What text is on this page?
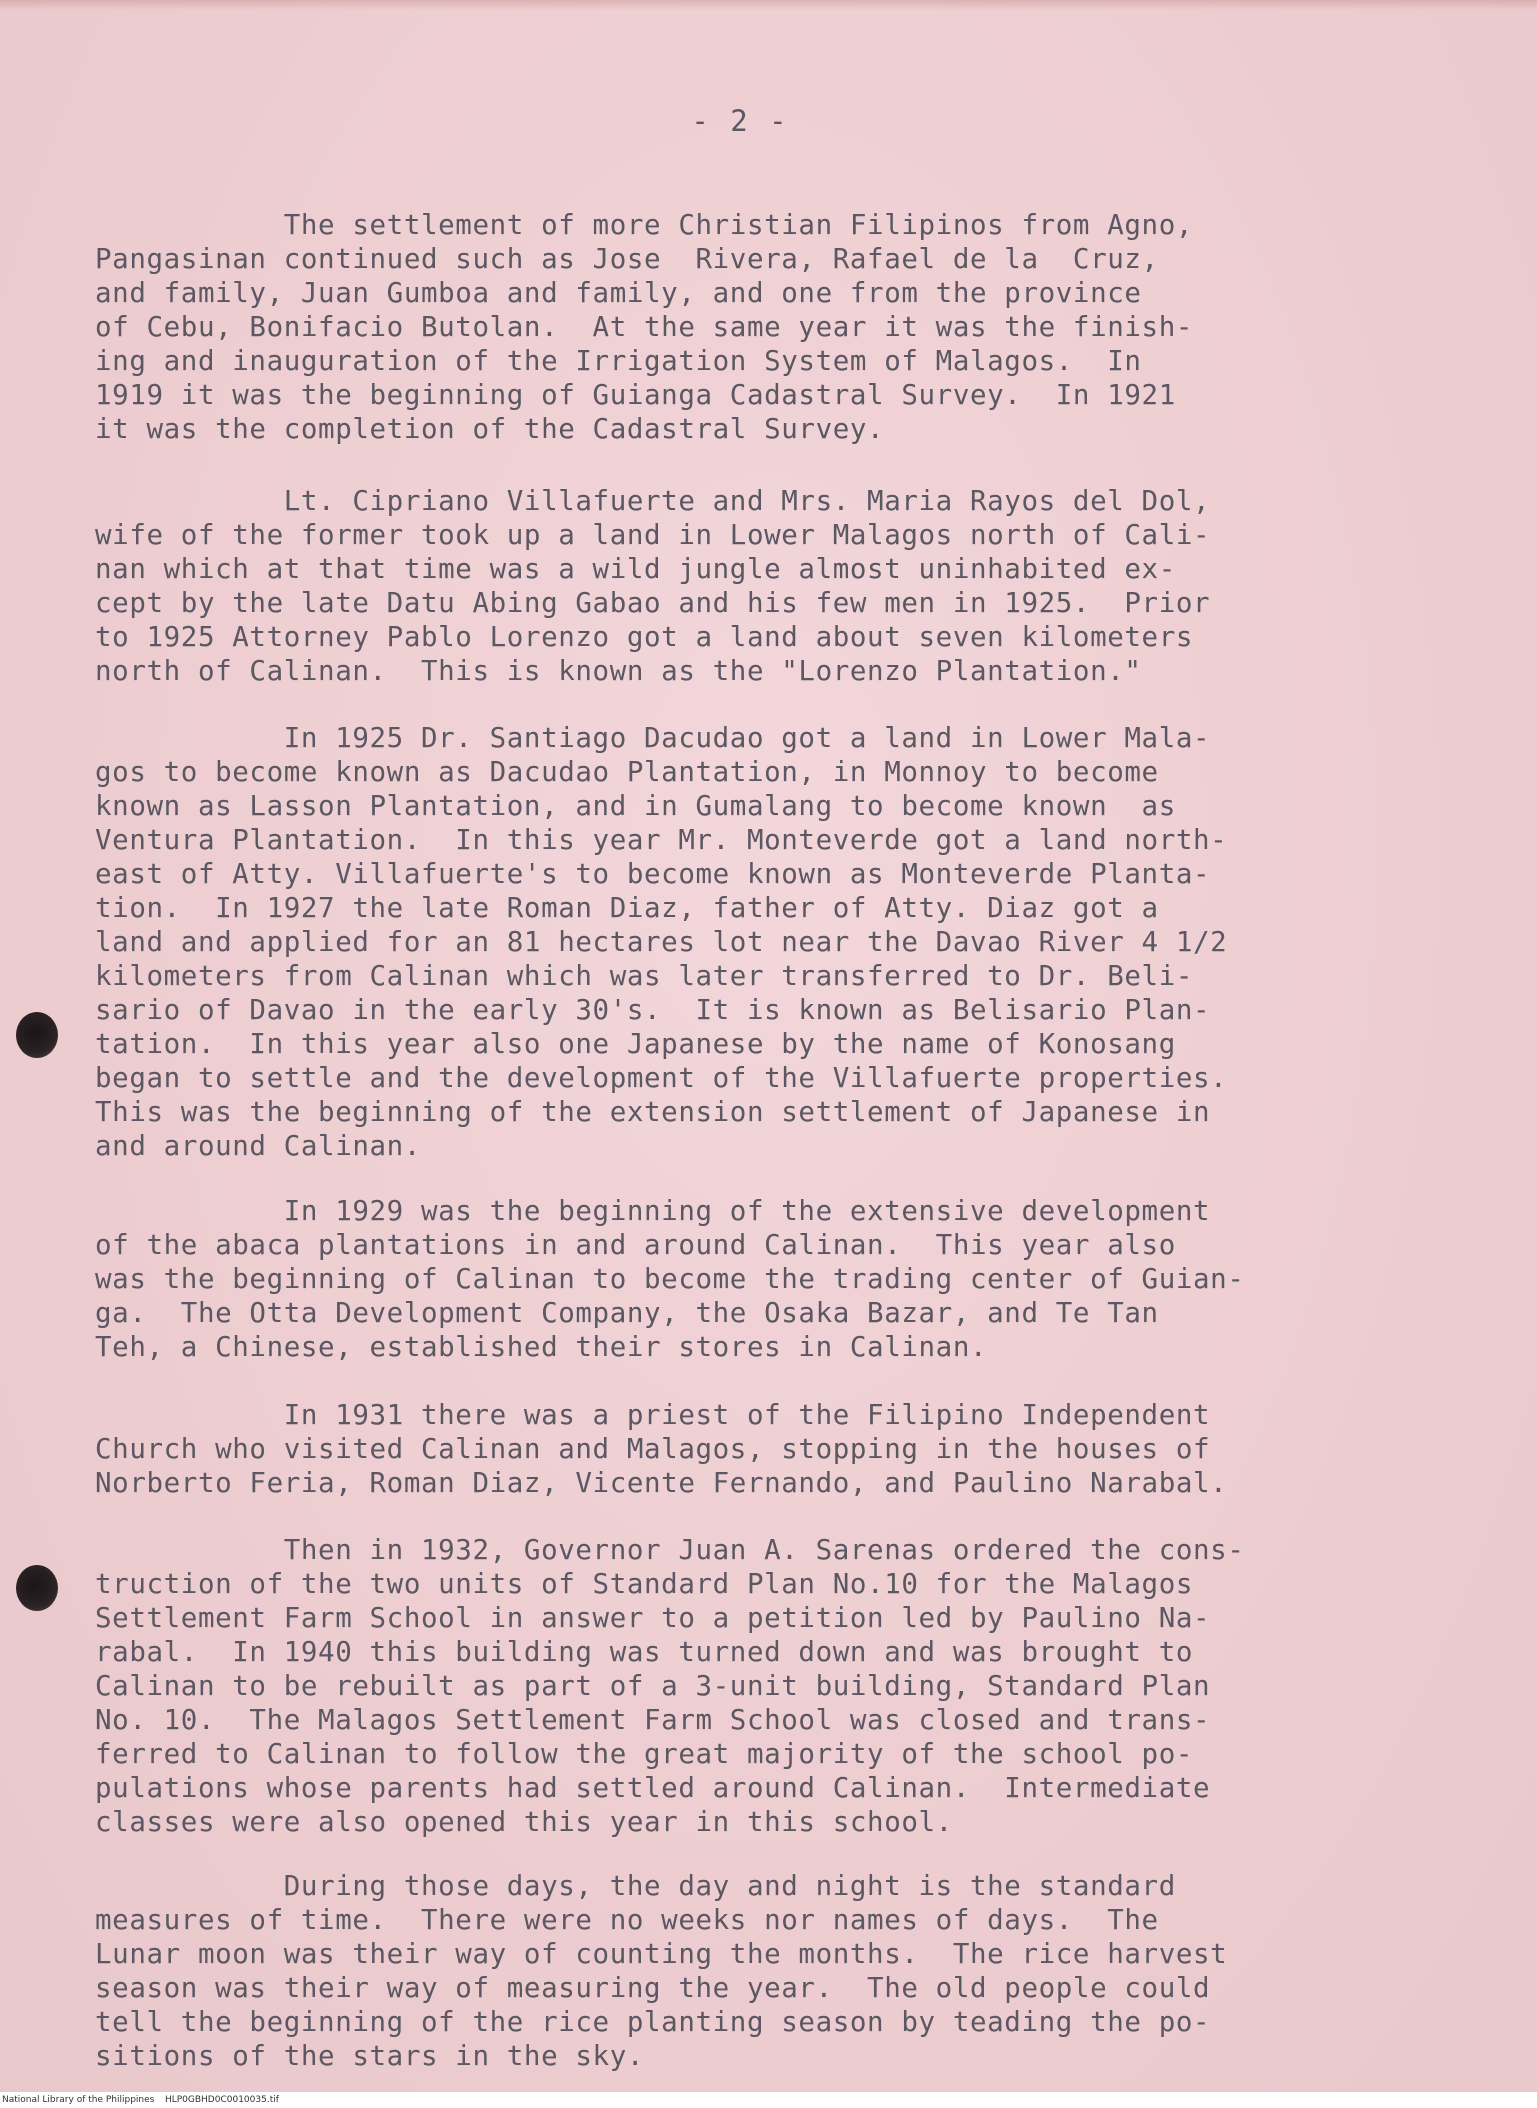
- 2 -
The settlement of more Christian Filipinos from Agno,
Pangasinan continued such as Jose  Rivera, Rafael de la  Cruz,
and family, Juan Gumboa and family, and one from the province
of Cebu, Bonifacio Butolan.  At the same year it was the finish-
ing and inauguration of the Irrigation System of Malagos.  In
1919 it was the beginning of Guianga Cadastral Survey.  In 1921
it was the completion of the Cadastral Survey.
Lt. Cipriano Villafuerte and Mrs. Maria Rayos del Dol,
wife of the former took up a land in Lower Malagos north of Cali-
nan which at that time was a wild jungle almost uninhabited ex-
cept by the late Datu Abing Gabao and his few men in 1925.  Prior
to 1925 Attorney Pablo Lorenzo got a land about seven kilometers
north of Calinan.  This is known as the "Lorenzo Plantation."
In 1925 Dr. Santiago Dacudao got a land in Lower Mala-
gos to become known as Dacudao Plantation, in Monnoy to become
known as Lasson Plantation, and in Gumalang to become known  as
Ventura Plantation.  In this year Mr. Monteverde got a land north-
east of Atty. Villafuerte's to become known as Monteverde Planta-
tion.  In 1927 the late Roman Diaz, father of Atty. Diaz got a
land and applied for an 81 hectares lot near the Davao River 4 1/2
kilometers from Calinan which was later transferred to Dr. Beli-
sario of Davao in the early 30's.  It is known as Belisario Plan-
tation.  In this year also one Japanese by the name of Konosang
began to settle and the development of the Villafuerte properties.
This was the beginning of the extension settlement of Japanese in
and around Calinan.
In 1929 was the beginning of the extensive development
of the abaca plantations in and around Calinan.  This year also
was the beginning of Calinan to become the trading center of Guian-
ga.  The Otta Development Company, the Osaka Bazar, and Te Tan
Teh, a Chinese, established their stores in Calinan.
In 1931 there was a priest of the Filipino Independent
Church who visited Calinan and Malagos, stopping in the houses of
Norberto Feria, Roman Diaz, Vicente Fernando, and Paulino Narabal.
Then in 1932, Governor Juan A. Sarenas ordered the cons-
truction of the two units of Standard Plan No.10 for the Malagos
Settlement Farm School in answer to a petition led by Paulino Na-
rabal.  In 1940 this building was turned down and was brought to
Calinan to be rebuilt as part of a 3-unit building, Standard Plan
No. 10.  The Malagos Settlement Farm School was closed and trans-
ferred to Calinan to follow the great majority of the school po-
pulations whose parents had settled around Calinan.  Intermediate
classes were also opened this year in this school.
During those days, the day and night is the standard
measures of time.  There were no weeks nor names of days.  The
Lunar moon was their way of counting the months.  The rice harvest
season was their way of measuring the year.  The old people could
tell the beginning of the rice planting season by teading the po-
sitions of the stars in the sky.
National Library of the Philippines HLP0GBHD0C0010035.tif
